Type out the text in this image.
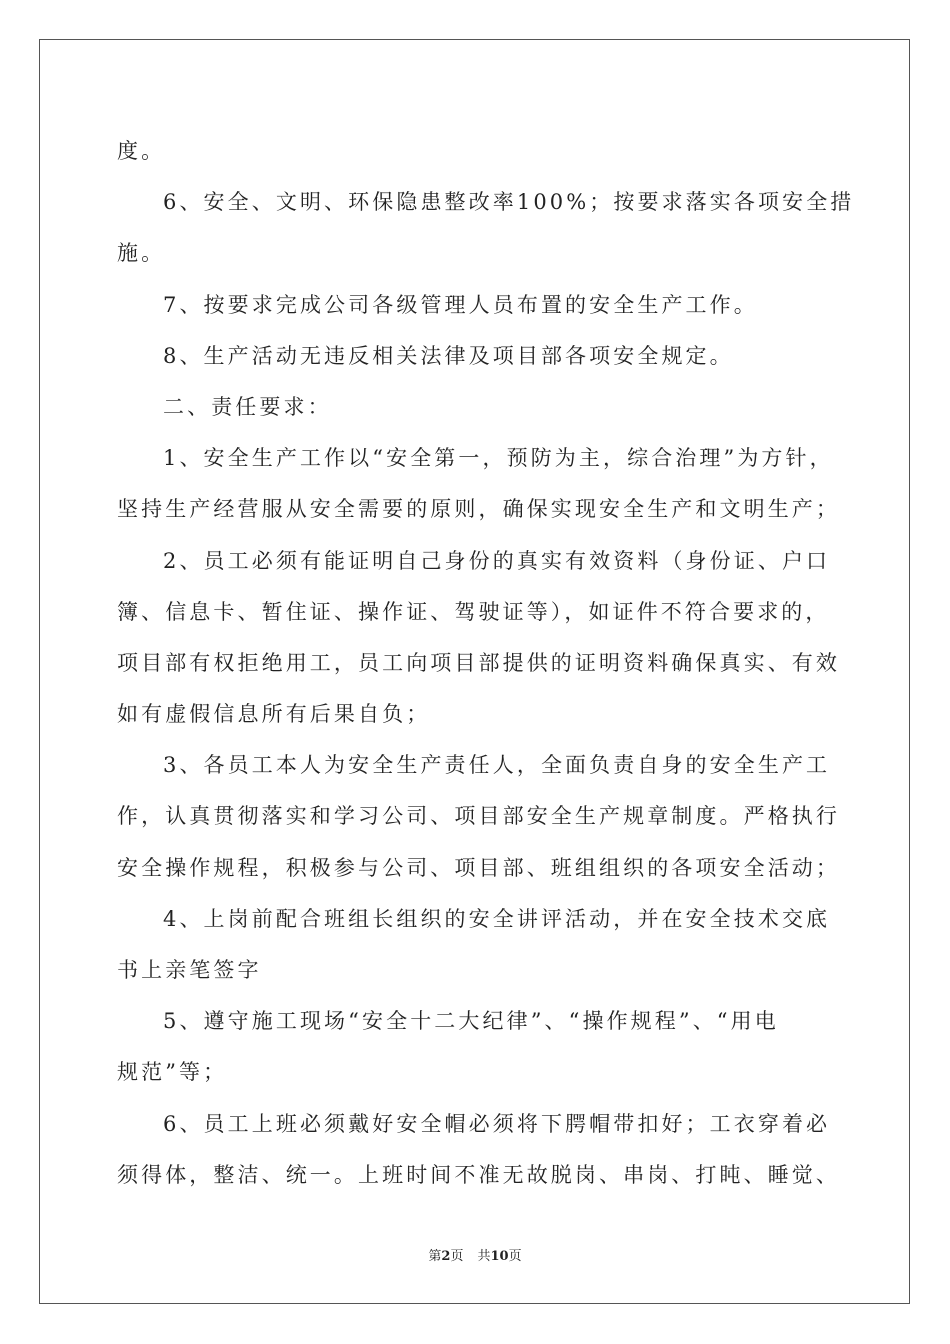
度。
6、安全、文明、环保隐患整改率100%；按要求落实各项安全措
施。
7、按要求完成公司各级管理人员布置的安全生产工作。
8、生产活动无违反相关法律及项目部各项安全规定。
二、责任要求：
1、安全生产工作以“安全第一，预防为主，综合治理”为方针，
坚持生产经营服从安全需要的原则，确保实现安全生产和文明生产；
2、员工必须有能证明自己身份的真实有效资料（身份证、户口
簿、信息卡、暂住证、操作证、驾驶证等），如证件不符合要求的，
项目部有权拒绝用工，员工向项目部提供的证明资料确保真实、有效
如有虚假信息所有后果自负；
3、各员工本人为安全生产责任人，全面负责自身的安全生产工
作，认真贯彻落实和学习公司、项目部安全生产规章制度。严格执行
安全操作规程，积极参与公司、项目部、班组组织的各项安全活动；
4、上岗前配合班组长组织的安全讲评活动，并在安全技术交底
书上亲笔签字
5、遵守施工现场“安全十二大纪律”、“操作规程”、“用电
规范”等；
6、员工上班必须戴好安全帽必须将下腭帽带扣好；工衣穿着必
须得体，整洁、统一。上班时间不准无故脱岗、串岗、打盹、睡觉、
第2页 共10页
